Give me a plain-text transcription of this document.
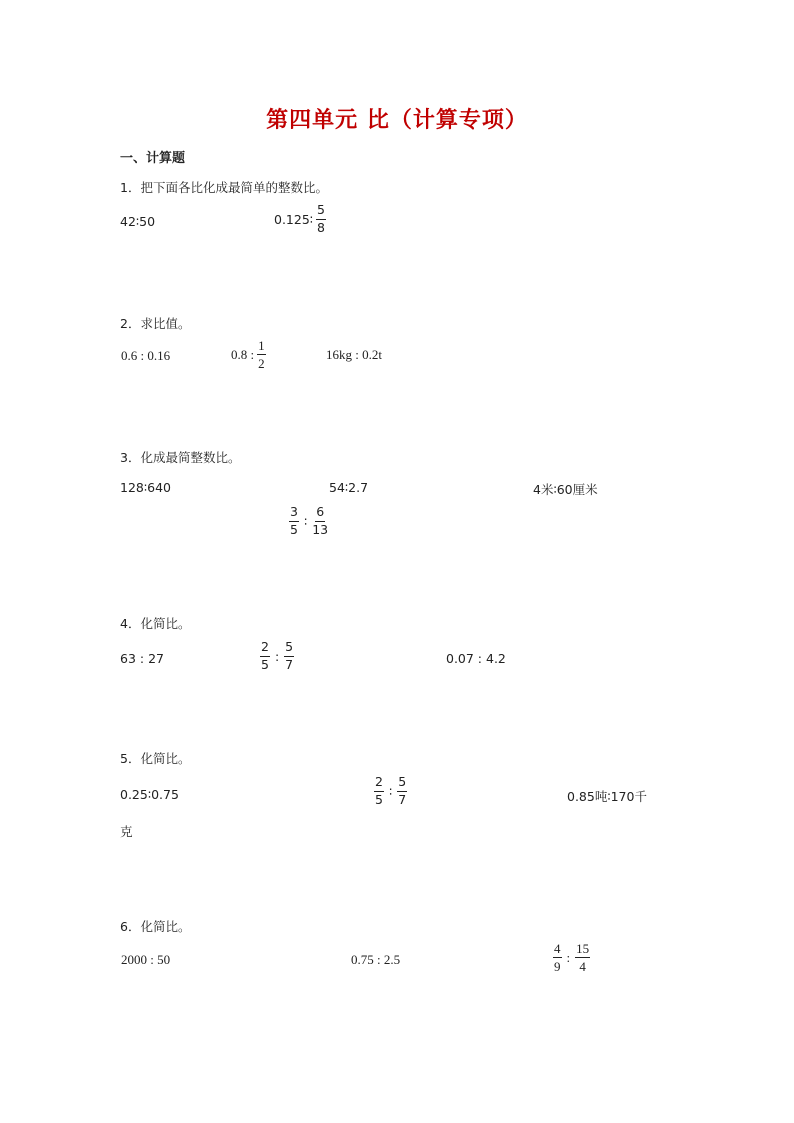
第四单元 比（计算专项）
一、计算题
1．把下面各比化成最简单的整数比。
42∶50	0.125∶ $\frac{5}{8}$
2．求比值。
0.6 : 0.16	0.8 : $\frac{1}{2}$	16kg : 0.2t
3．化成最简整数比。
128∶640	54∶2.7	4米∶60厘米
$\frac{3}{5}$ ∶ $\frac{6}{13}$
4．化简比。
63 : 27	$\frac{2}{5}$ : $\frac{5}{7}$	0.07 : 4.2
5．化简比。
0.25∶0.75	$\frac{2}{5}$ ∶ $\frac{5}{7}$	0.85吨∶170千
克
6．化简比。
2000 : 50	0.75 : 2.5	$\frac{4}{9}$ : $\frac{15}{4}$
